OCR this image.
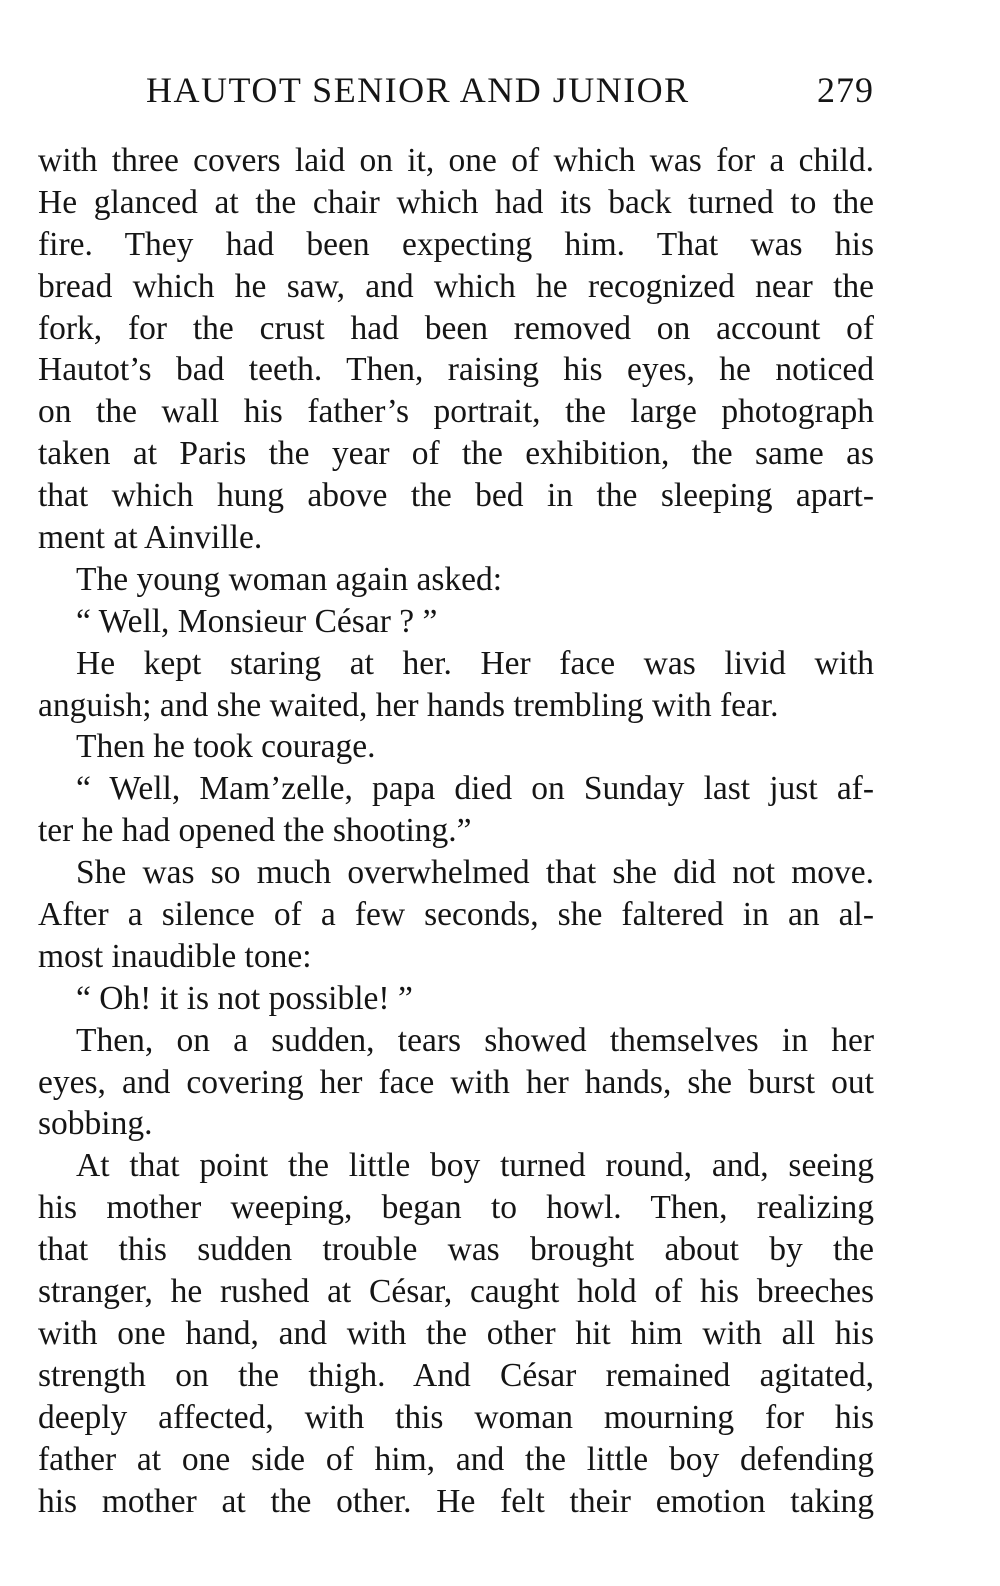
HAUTOT SENIOR AND JUNIOR	279
with three covers laid on it, one of which was for a child.
He glanced at the chair which had its back turned to the
fire. They had been expecting him. That was his
bread which he saw, and which he recognized near the
fork, for the crust had been removed on account of
Hautot’s bad teeth. Then, raising his eyes, he noticed
on the wall his father’s portrait, the large photograph
taken at Paris the year of the exhibition, the same as
that which hung above the bed in the sleeping apart-
ment at Ainville.
The young woman again asked:
“ Well, Monsieur César ? ”
He kept staring at her. Her face was livid with
anguish; and she waited, her hands trembling with fear.
Then he took courage.
“ Well, Mam’zelle, papa died on Sunday last just af-
ter he had opened the shooting.”
She was so much overwhelmed that she did not move.
After a silence of a few seconds, she faltered in an al-
most inaudible tone:
“ Oh! it is not possible! ”
Then, on a sudden, tears showed themselves in her
eyes, and covering her face with her hands, she burst out
sobbing.
At that point the little boy turned round, and, seeing
his mother weeping, began to howl. Then, realizing
that this sudden trouble was brought about by the
stranger, he rushed at César, caught hold of his breeches
with one hand, and with the other hit him with all his
strength on the thigh. And César remained agitated,
deeply affected, with this woman mourning for his
father at one side of him, and the little boy defending
his mother at the other. He felt their emotion taking
